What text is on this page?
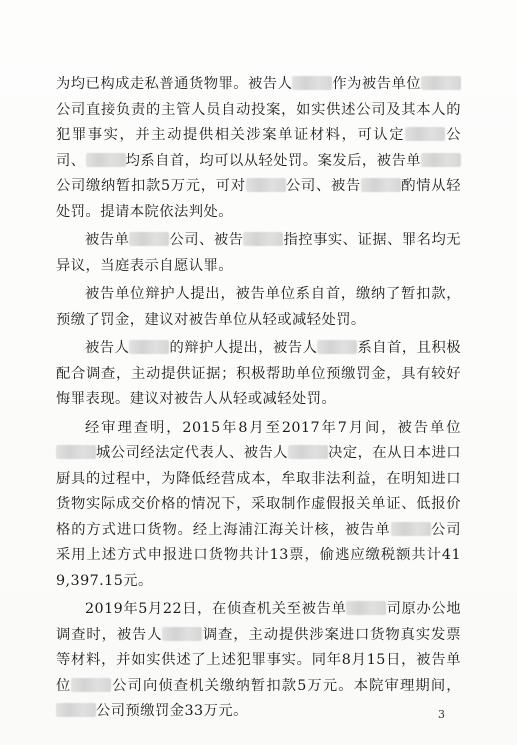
为均已构成走私普通货物罪。被告人	作为被告单位公司直接负责的主管人员自动投案，如实供述公司及其本人的犯罪事实，并主动提供相关涉案单证材料，可认定	公司、	均系自首，均可以从轻处罚。案发后，被告单公司缴纳暂扣款5万元，可对	公司、被告	酌情从轻处罚。提请本院依法判处。

被告单	公司、被告	指控事实、证据、罪名均无异议，当庭表示自愿认罪。

被告单位辩护人提出，被告单位系自首，缴纳了暂扣款，预缴了罚金，建议对被告单位从轻或减轻处罚。

被告人	的辩护人提出，被告人	系自首，且积极配合调查，主动提供证据；积极帮助单位预缴罚金，具有较好悔罪表现。建议对被告人从轻或减轻处罚。

经审理查明，2015年8月至2017年7月间，被告单位城公司经法定代表人、被告人	决定，在从日本进口厨具的过程中，为降低经营成本，牟取非法利益，在明知进口货物实际成交价格的情况下，采取制作虚假报关单证、低报价格的方式进口货物。经上海浦江海关计核，被告单	公司采用上述方式申报进口货物共计13票，偷逃应缴税额共计419,397.15元。

2019年5月22日，在侦查机关至被告单	司原办公地调查时，被告人	调查，主动提供涉案进口货物真实发票等材料，并如实供述了上述犯罪事实。同年8月15日，被告单位	公司向侦查机关缴纳暂扣款5万元。本院审理期间，公司预缴罚金33万元。	3
